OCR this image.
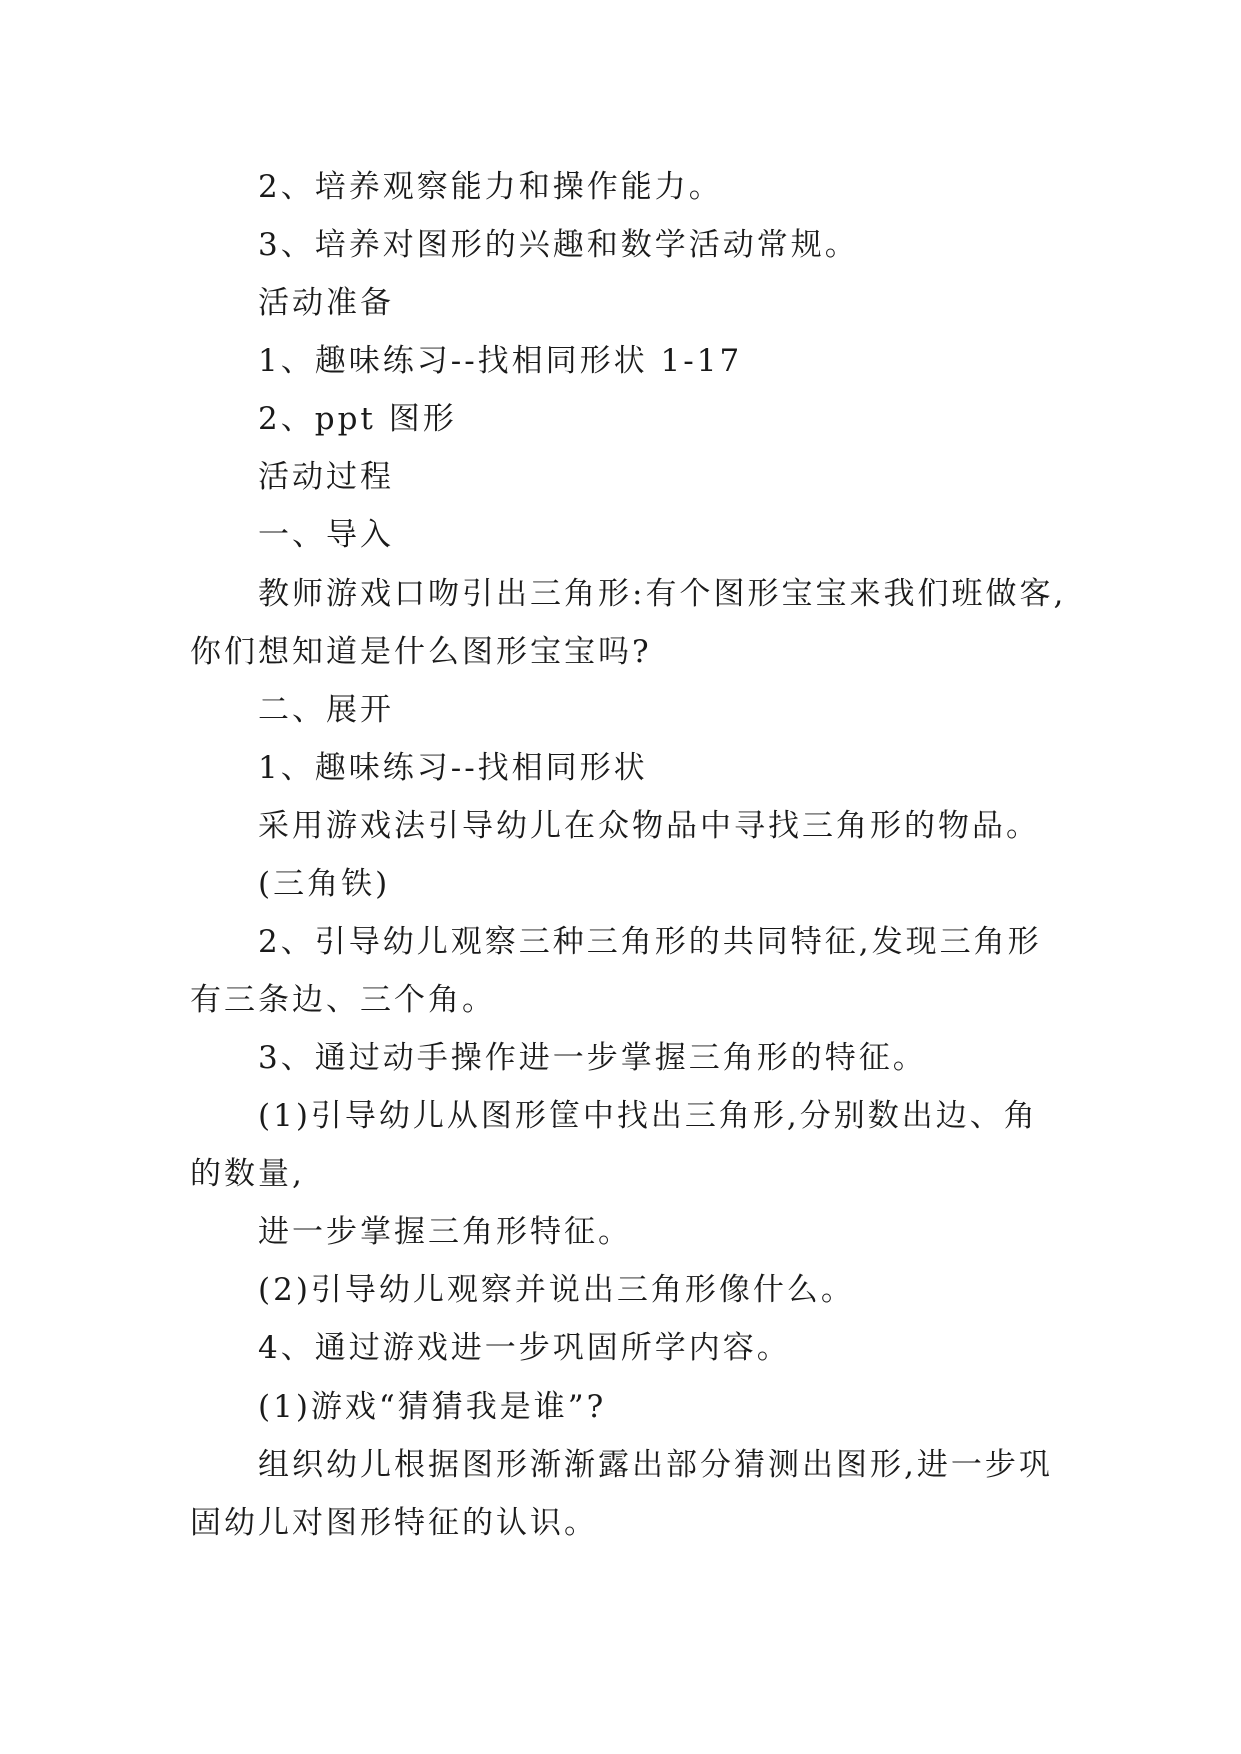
2、培养观察能力和操作能力。
3、培养对图形的兴趣和数学活动常规。
活动准备
1、趣味练习--找相同形状 1-17
2、ppt 图形
活动过程
一、导入
教师游戏口吻引出三角形:有个图形宝宝来我们班做客,
你们想知道是什么图形宝宝吗?
二、展开
1、趣味练习--找相同形状
采用游戏法引导幼儿在众物品中寻找三角形的物品。
(三角铁)
2、引导幼儿观察三种三角形的共同特征,发现三角形
有三条边、三个角。
3、通过动手操作进一步掌握三角形的特征。
(1)引导幼儿从图形筐中找出三角形,分别数出边、角
的数量,
进一步掌握三角形特征。
(2)引导幼儿观察并说出三角形像什么。
4、通过游戏进一步巩固所学内容。
(1)游戏“猜猜我是谁”?
组织幼儿根据图形渐渐露出部分猜测出图形,进一步巩
固幼儿对图形特征的认识。
